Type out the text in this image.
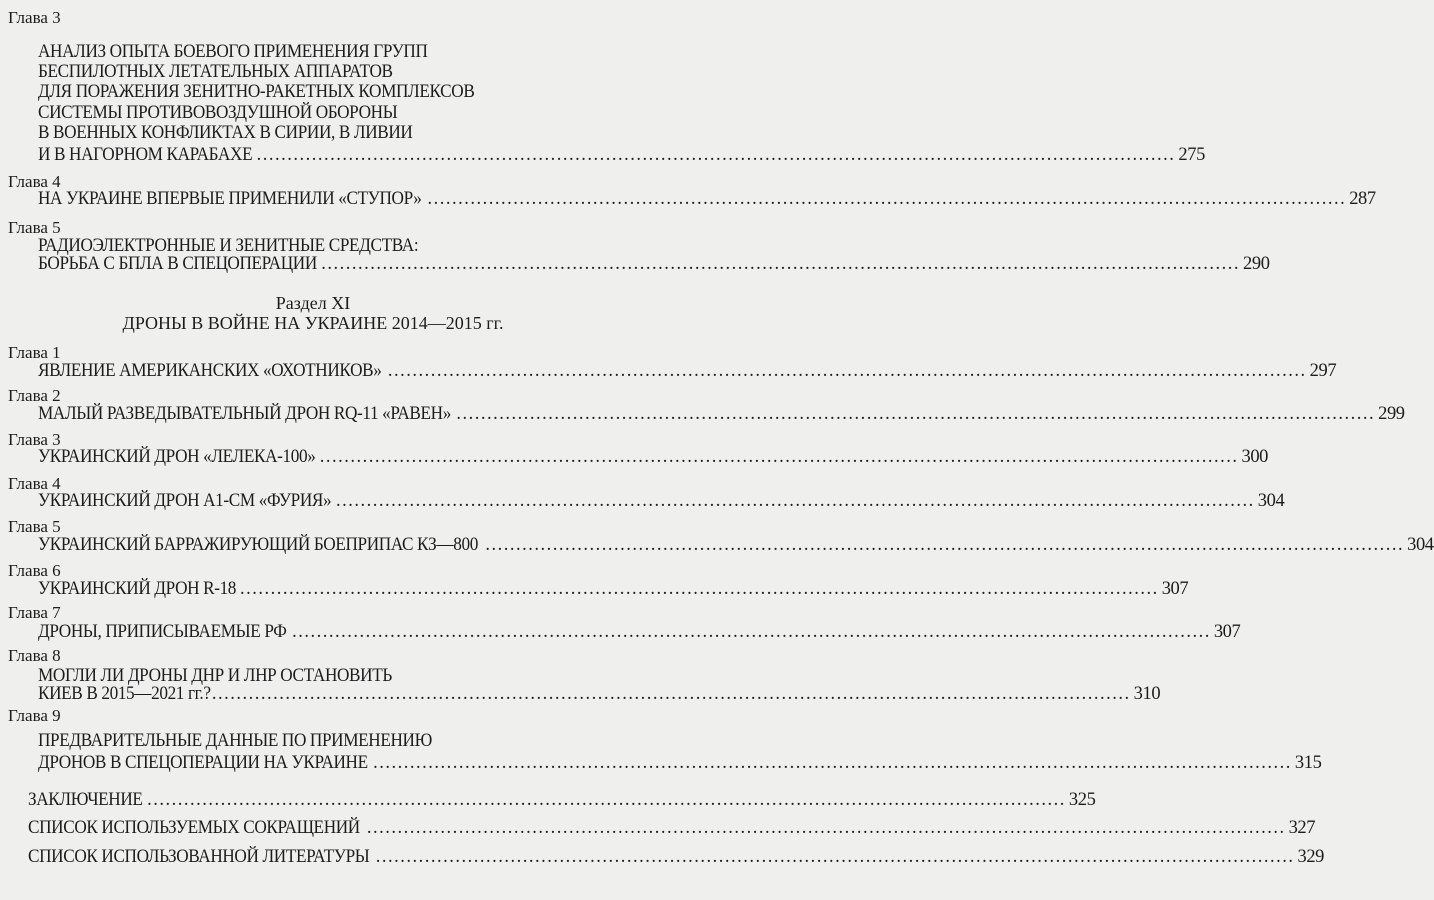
Глава 3
АНАЛИЗ ОПЫТА БОЕВОГО ПРИМЕНЕНИЯ ГРУПП
БЕСПИЛОТНЫХ ЛЕТАТЕЛЬНЫХ АППАРАТОВ
ДЛЯ ПОРАЖЕНИЯ ЗЕНИТНО-РАКЕТНЫХ КОМПЛЕКСОВ
СИСТЕМЫ ПРОТИВОВОЗДУШНОЙ ОБОРОНЫ
В ВОЕННЫХ КОНФЛИКТАХ В СИРИИ, В ЛИВИИ
И В НАГОРНОМ КАРАБАХЕ .....	275
Глава 4
НА УКРАИНЕ ВПЕРВЫЕ ПРИМЕНИЛИ «СТУПОР» .....	287
Глава 5
РАДИОЭЛЕКТРОННЫЕ И ЗЕНИТНЫЕ СРЕДСТВА:
БОРЬБА С БПЛА В СПЕЦОПЕРАЦИИ .....	290
Раздел XI
ДРОНЫ В ВОЙНЕ НА УКРАИНЕ 2014—2015 гг.
Глава 1
ЯВЛЕНИЕ АМЕРИКАНСКИХ «ОХОТНИКОВ» .....	297
Глава 2
МАЛЫЙ РАЗВЕДЫВАТЕЛЬНЫЙ ДРОН RQ-11 «РАВЕН» .....	299
Глава 3
УКРАИНСКИЙ ДРОН «ЛЕЛЕКА-100» .....	300
Глава 4
УКРАИНСКИЙ ДРОН А1-СМ «ФУРИЯ» .....	304
Глава 5
УКРАИНСКИЙ БАРРАЖИРУЮЩИЙ БОЕПРИПАС КЗ—800 .....	304
Глава 6
УКРАИНСКИЙ ДРОН R-18 .....	307
Глава 7
ДРОНЫ, ПРИПИСЫВАЕМЫЕ РФ .....	307
Глава 8
МОГЛИ ЛИ ДРОНЫ ДНР И ЛНР ОСТАНОВИТЬ
КИЕВ В 2015—2021 гг.? .....	310
Глава 9
ПРЕДВАРИТЕЛЬНЫЕ ДАННЫЕ ПО ПРИМЕНЕНИЮ
ДРОНОВ В СПЕЦОПЕРАЦИИ НА УКРАИНЕ .....	315
ЗАКЛЮЧЕНИЕ .....	325
СПИСОК ИСПОЛЬЗУЕМЫХ СОКРАЩЕНИЙ .....	327
СПИСОК ИСПОЛЬЗОВАННОЙ ЛИТЕРАТУРЫ .....	329
